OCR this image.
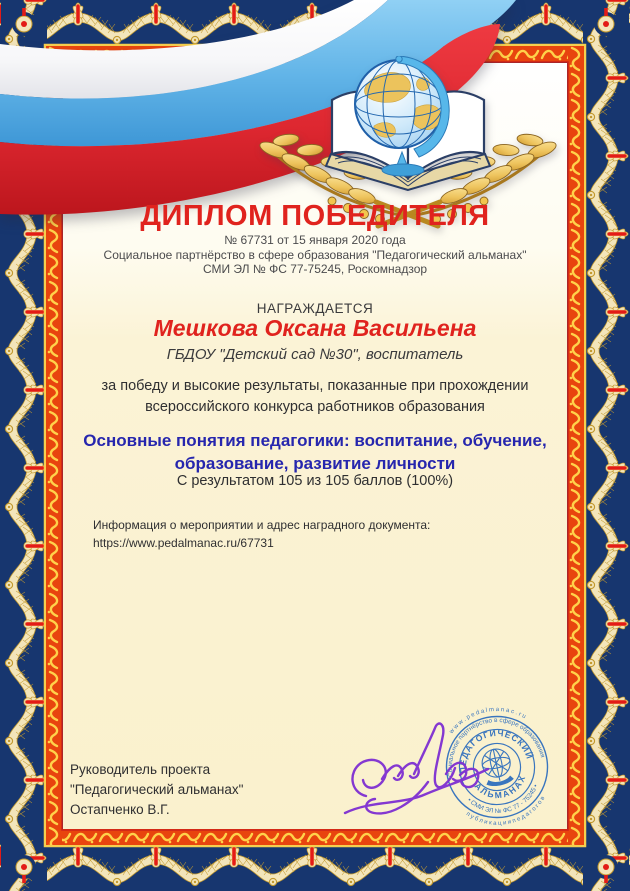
ДИПЛОМ ПОБЕДИТЕЛЯ
№ 67731 от 15 января 2020 года
Социальное партнёрство в сфере образования "Педагогический альманах"
СМИ ЭЛ № ФС 77-75245, Роскомнадзор
НАГРАЖДАЕТСЯ
Мешкова Оксана Васильена
ГБДОУ "Детский сад №30", воспитатель
за победу и высокие результаты, показанные при прохождении
всероссийского конкурса работников образования
Основные понятия педагогики: воспитание, обучение,
образование, развитие личности
С результатом 105 из 105 баллов (100%)
Информация о мероприятии и адрес наградного документа:
https://www.pedalmanac.ru/67731
Руководитель проекта
"Педагогический альманах"
Остапченко В.Г.
w w w . p e d a l m a n a c . r u
п у б л и к а ц и и п е д а г о г о в
Социальное партнёрство в сфере образования
• СМИ ЭЛ № ФС 77 - 75245 •
ПЕДАГОГИЧЕСКИЙ
АЛЬМАНАХ
